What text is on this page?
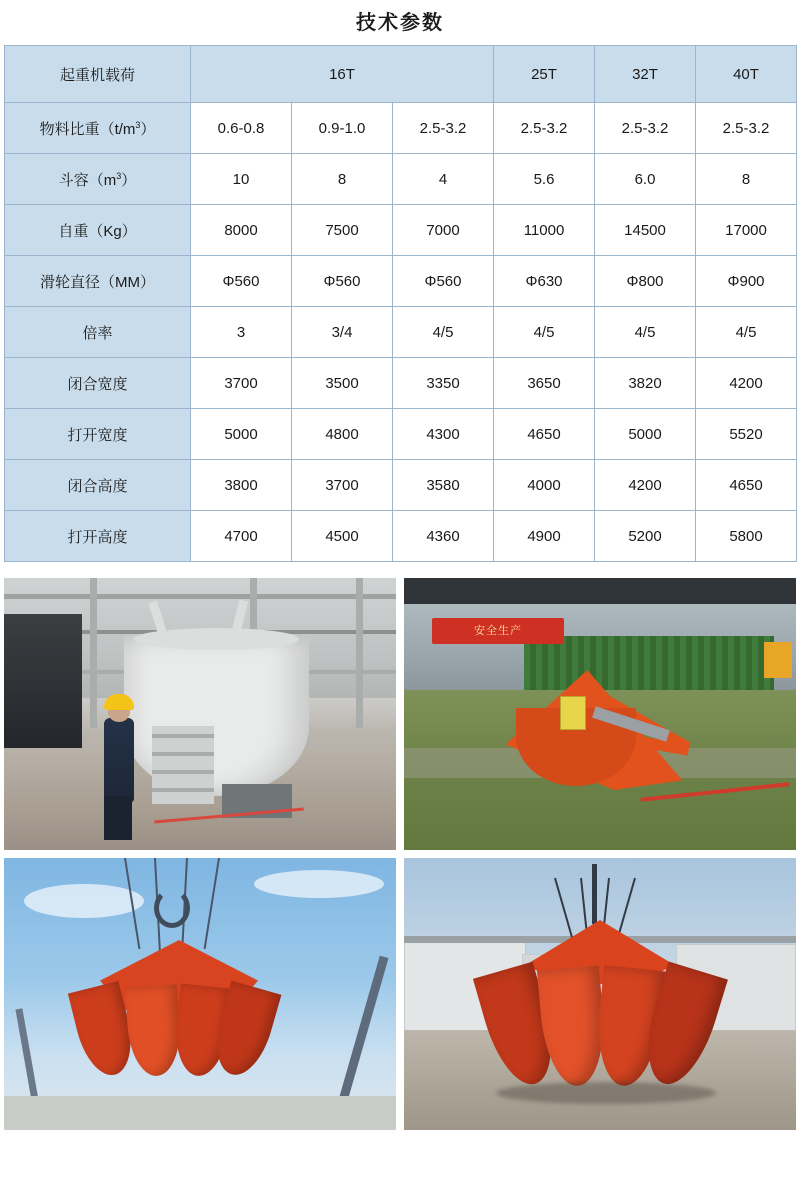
技术参数
起重机载荷	16T			25T	32T	40T
物料比重$(t/m^3)$	0.6-0.8	0.9-1.0	2.5-3.2	2.5-3.2	2.5-3.2	2.5-3.2
斗容$(m^3)$	10	8	4	5.6	6.0	8
自重（Kg）	8000	7500	7000	11000	14500	17000
滑轮直径（MM）	Φ560	Φ560	Φ560	Φ630	Φ800	Φ900
倍率	3	3/4	4/5	4/5	4/5	4/5
闭合宽度	3700	3500	3350	3650	3820	4200
打开宽度	5000	4800	4300	4650	5000	5520
闭合高度	3800	3700	3580	4000	4200	4650
打开高度	4700	4500	4360	4900	5200	5800
安全生产
